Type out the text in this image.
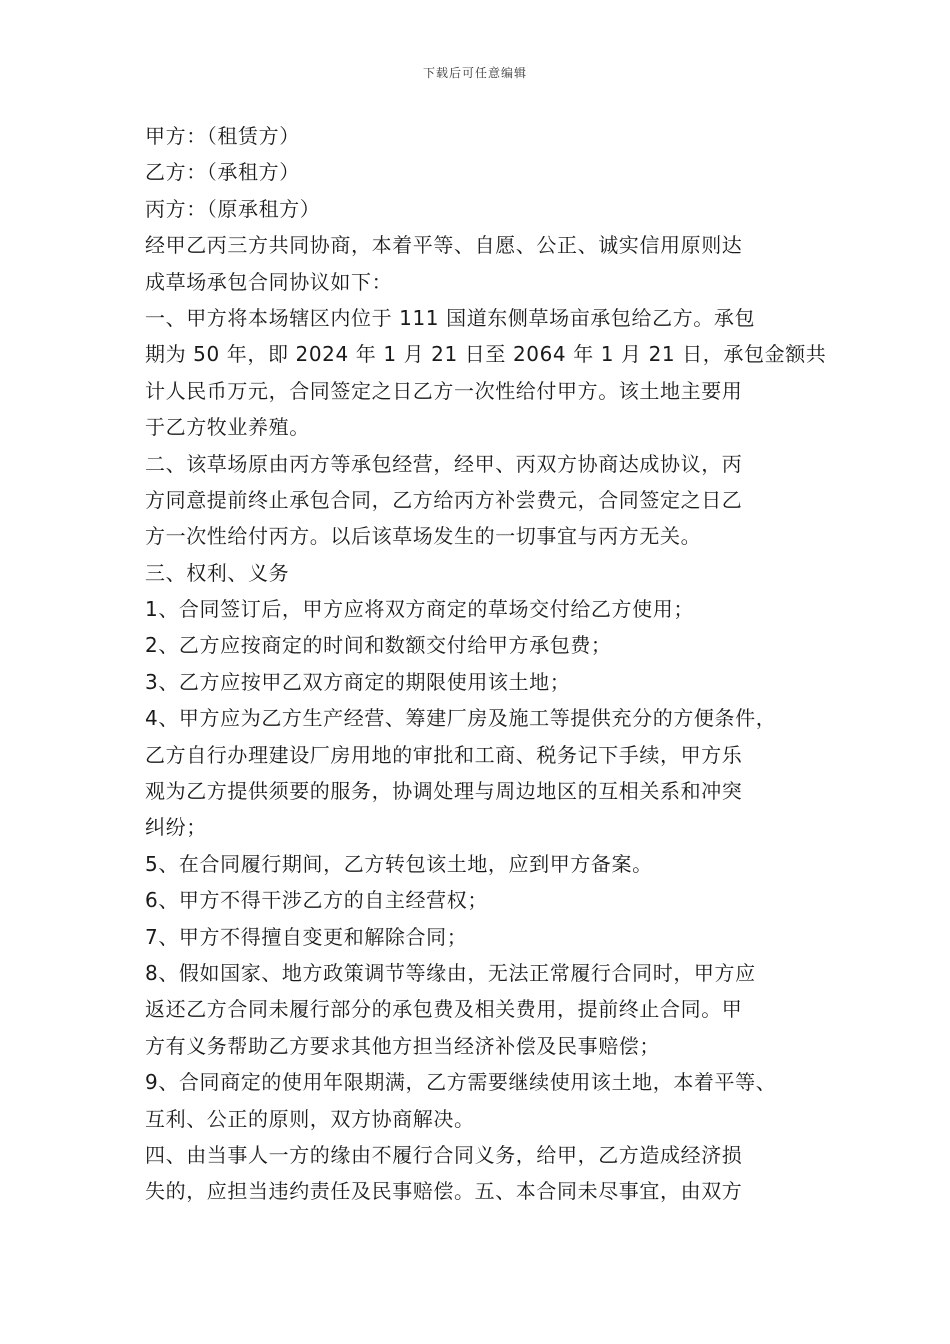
下载后可任意编辑
甲方：（租赁方）
乙方：（承租方）
丙方：（原承租方）
经甲乙丙三方共同协商，本着平等、自愿、公正、诚实信用原则达
成草场承包合同协议如下：
一、甲方将本场辖区内位于 111 国道东侧草场亩承包给乙方。承包
期为 50 年，即 2024 年 1 月 21 日至 2064 年 1 月 21 日，承包金额共
计人民币万元，合同签定之日乙方一次性给付甲方。该土地主要用
于乙方牧业养殖。
二、该草场原由丙方等承包经营，经甲、丙双方协商达成协议，丙
方同意提前终止承包合同，乙方给丙方补尝费元，合同签定之日乙
方一次性给付丙方。以后该草场发生的一切事宜与丙方无关。
三、权利、义务
1、合同签订后，甲方应将双方商定的草场交付给乙方使用；
2、乙方应按商定的时间和数额交付给甲方承包费；
3、乙方应按甲乙双方商定的期限使用该土地；
4、甲方应为乙方生产经营、筹建厂房及施工等提供充分的方便条件，
乙方自行办理建设厂房用地的审批和工商、税务记下手续，甲方乐
观为乙方提供须要的服务，协调处理与周边地区的互相关系和冲突
纠纷；
5、在合同履行期间，乙方转包该土地，应到甲方备案。
6、甲方不得干涉乙方的自主经营权；
7、甲方不得擅自变更和解除合同；
8、假如国家、地方政策调节等缘由，无法正常履行合同时，甲方应
返还乙方合同未履行部分的承包费及相关费用，提前终止合同。甲
方有义务帮助乙方要求其他方担当经济补偿及民事赔偿；
9、合同商定的使用年限期满，乙方需要继续使用该土地，本着平等、
互利、公正的原则，双方协商解决。
四、由当事人一方的缘由不履行合同义务，给甲，乙方造成经济损
失的，应担当违约责任及民事赔偿。五、本合同未尽事宜，由双方
